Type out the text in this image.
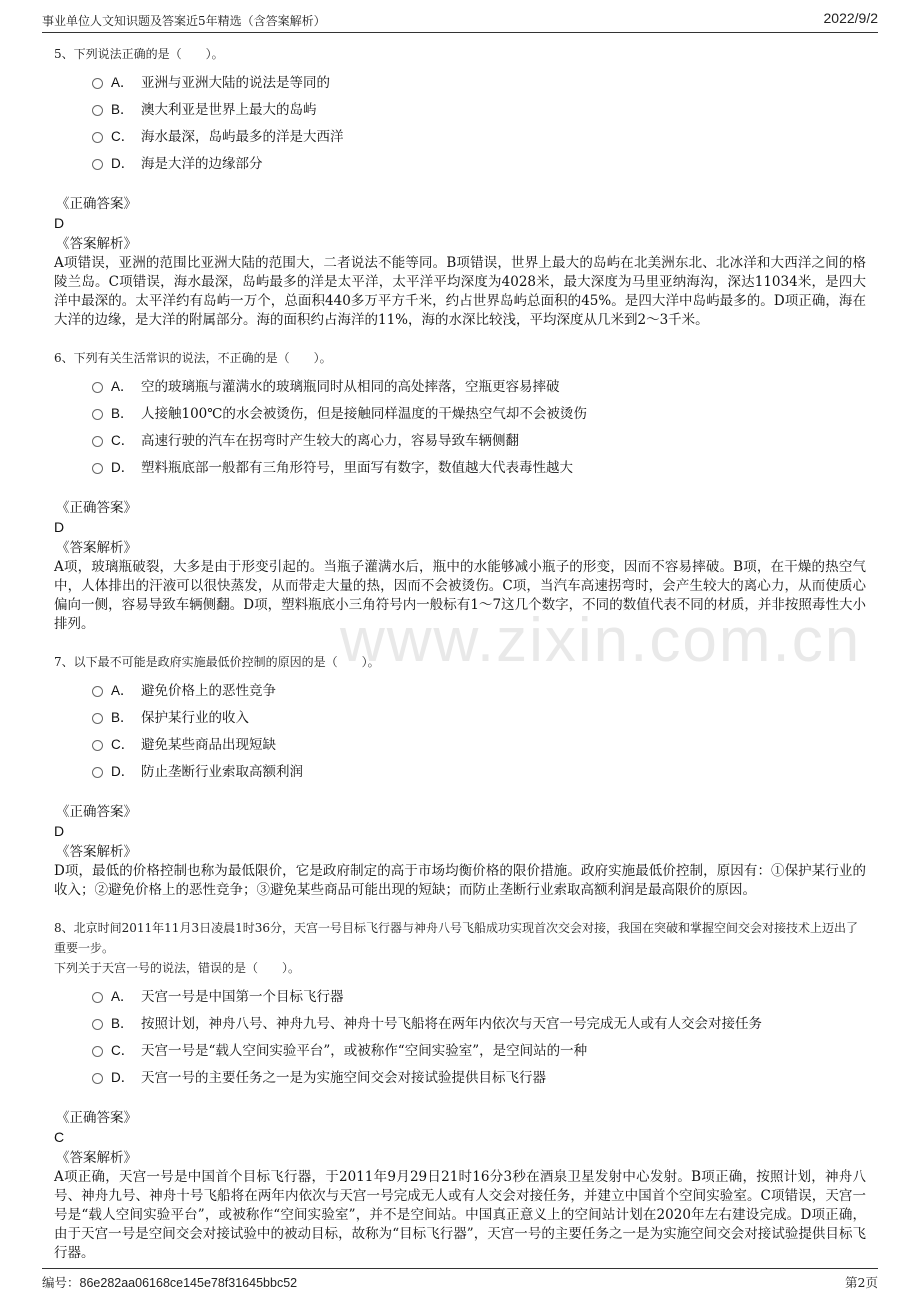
事业单位人文知识题及答案近5年精选（含答案解析）	2022/9/2
www.zixin.com.cn
5、下列说法正确的是（　　）。
A． 亚洲与亚洲大陆的说法是等同的
B． 澳大利亚是世界上最大的岛屿
C． 海水最深，岛屿最多的洋是大西洋
D． 海是大洋的边缘部分
《正确答案》
D
《答案解析》
A项错误，亚洲的范围比亚洲大陆的范围大，二者说法不能等同。B项错误，世界上最大的岛屿在北美洲东北、北冰洋和大西洋之间的格陵兰岛。C项错误，海水最深，岛屿最多的洋是太平洋，太平洋平均深度为4028米，最大深度为马里亚纳海沟，深达11034米，是四大洋中最深的。太平洋约有岛屿一万个，总面积440多万平方千米，约占世界岛屿总面积的45%。是四大洋中岛屿最多的。D项正确，海在大洋的边缘，是大洋的附属部分。海的面积约占海洋的11%，海的水深比较浅，平均深度从几米到2～3千米。
6、下列有关生活常识的说法，不正确的是（　　）。
A． 空的玻璃瓶与灌满水的玻璃瓶同时从相同的高处摔落，空瓶更容易摔破
B． 人接触100℃的水会被烫伤，但是接触同样温度的干燥热空气却不会被烫伤
C． 高速行驶的汽车在拐弯时产生较大的离心力，容易导致车辆侧翻
D． 塑料瓶底部一般都有三角形符号，里面写有数字，数值越大代表毒性越大
《正确答案》
D
《答案解析》
A项，玻璃瓶破裂，大多是由于形变引起的。当瓶子灌满水后，瓶中的水能够减小瓶子的形变，因而不容易摔破。B项，在干燥的热空气中，人体排出的汗液可以很快蒸发，从而带走大量的热，因而不会被烫伤。C项，当汽车高速拐弯时，会产生较大的离心力，从而使质心偏向一侧，容易导致车辆侧翻。D项，塑料瓶底小三角符号内一般标有1～7这几个数字，不同的数值代表不同的材质，并非按照毒性大小排列。
7、以下最不可能是政府实施最低价控制的原因的是（　　）。
A． 避免价格上的恶性竞争
B． 保护某行业的收入
C． 避免某些商品出现短缺
D． 防止垄断行业索取高额利润
《正确答案》
D
《答案解析》
D项，最低的价格控制也称为最低限价，它是政府制定的高于市场均衡价格的限价措施。政府实施最低价控制，原因有：①保护某行业的收入；②避免价格上的恶性竞争；③避免某些商品可能出现的短缺；而防止垄断行业索取高额利润是最高限价的原因。
8、北京时间2011年11月3日凌晨1时36分，天宫一号目标飞行器与神舟八号飞船成功实现首次交会对接，我国在突破和掌握空间交会对接技术上迈出了重要一步。
下列关于天宫一号的说法，错误的是（　　）。
A． 天宫一号是中国第一个目标飞行器
B． 按照计划，神舟八号、神舟九号、神舟十号飞船将在两年内依次与天宫一号完成无人或有人交会对接任务
C． 天宫一号是“载人空间实验平台”，或被称作“空间实验室”，是空间站的一种
D． 天宫一号的主要任务之一是为实施空间交会对接试验提供目标飞行器
《正确答案》
C
《答案解析》
A项正确，天宫一号是中国首个目标飞行器，于2011年9月29日21时16分3秒在酒泉卫星发射中心发射。B项正确，按照计划，神舟八号、神舟九号、神舟十号飞船将在两年内依次与天宫一号完成无人或有人交会对接任务，并建立中国首个空间实验室。C项错误，天宫一号是“载人空间实验平台”，或被称作“空间实验室”，并不是空间站。中国真正意义上的空间站计划在2020年左右建设完成。D项正确，由于天宫一号是空间交会对接试验中的被动目标，故称为“目标飞行器”，天宫一号的主要任务之一是为实施空间交会对接试验提供目标飞行器。
编号：86e282aa06168ce145e78f31645bbc52	第2页
